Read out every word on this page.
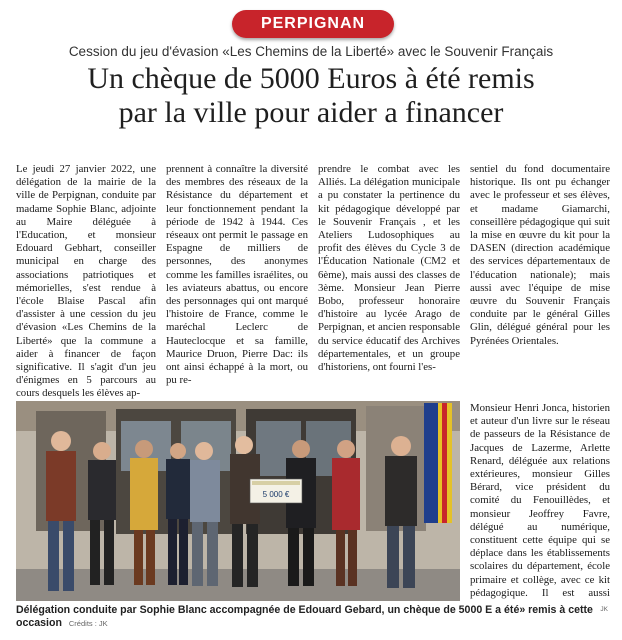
PERPIGNAN
Cession du jeu d'évasion «Les Chemins de la Liberté» avec le Souvenir Français
Un chèque de 5000 Euros à été remis
par la ville pour aider a financer

Le jeudi 27 janvier 2022, une délégation de la mairie de la ville de Perpignan, conduite par madame Sophie Blanc, adjointe au Maire déléguée à l'Education, et monsieur Edouard Gebhart, conseiller municipal en charge des associations patriotiques et mémorielles, s'est rendue à l'école Blaise Pascal afin d'assister à une cession du jeu d'évasion «Les Chemins de la Liberté» que la commune a aider à financer de façon significative. Il s'agit d'un jeu d'énigmes en 5 parcours au cours desquels les élèves ap-

prennent à connaître la diversité des membres des réseaux de la Résistance du département et leur fonctionnement pendant la période de 1942 à 1944. Ces réseaux ont permit le passage en Espagne de milliers de personnes, des anonymes comme les familles israélites, ou les aviateurs abattus, ou encore des personnages qui ont marqué l'histoire de France, comme le maréchal Leclerc de Hauteclocque et sa famille, Maurice Druon, Pierre Dac: ils ont ainsi échappé à la mort, ou pu re-

prendre le combat avec les Alliés. La délégation municipale a pu constater la pertinence du kit pédagogique développé par le Souvenir Français , et les Ateliers Ludosophiques au profit des élèves du Cycle 3 de l'Éducation Nationale (CM2 et 6ème), mais aussi des classes de 3ème. Monsieur Jean Pierre Bobo, professeur honoraire d'histoire au lycée Arago de Perpignan, et ancien responsable du service éducatif des Archives départementales, et un groupe d'historiens, ont fourni l'es-

sentiel du fond documentaire historique. Ils ont pu échanger avec le professeur et ses élèves, et madame Giamarchi, conseillère pédagogique qui suit la mise en œuvre du kit pour la DASEN (direction académique des services départementaux de l'éducation nationale); mais aussi avec l'équipe de mise œuvre du Souvenir Français conduite par le général Gilles Glin, délégué général pour les Pyrénées Orientales.

Monsieur Henri Jonca, historien et auteur d'un livre sur le réseau de passeurs de la Résistance de Jacques de Lazerme, Arlette Renard, déléguée aux relations extérieures, monsieur Gilles Bérard, vice président du comité du Fenouillèdes, et monsieur Jeoffrey Favre, délégué au numérique, constituent cette équipe qui se déplace dans les établissements scolaires du département, école primaire et collège, avec ce kit pédagogique. Il est aussi

5 000 €
Délégation conduite par Sophie Blanc accompagnée de Edouard Gebard, un chèque de 5000 E a été» remis à cette occasion Crédits : JK
JK
